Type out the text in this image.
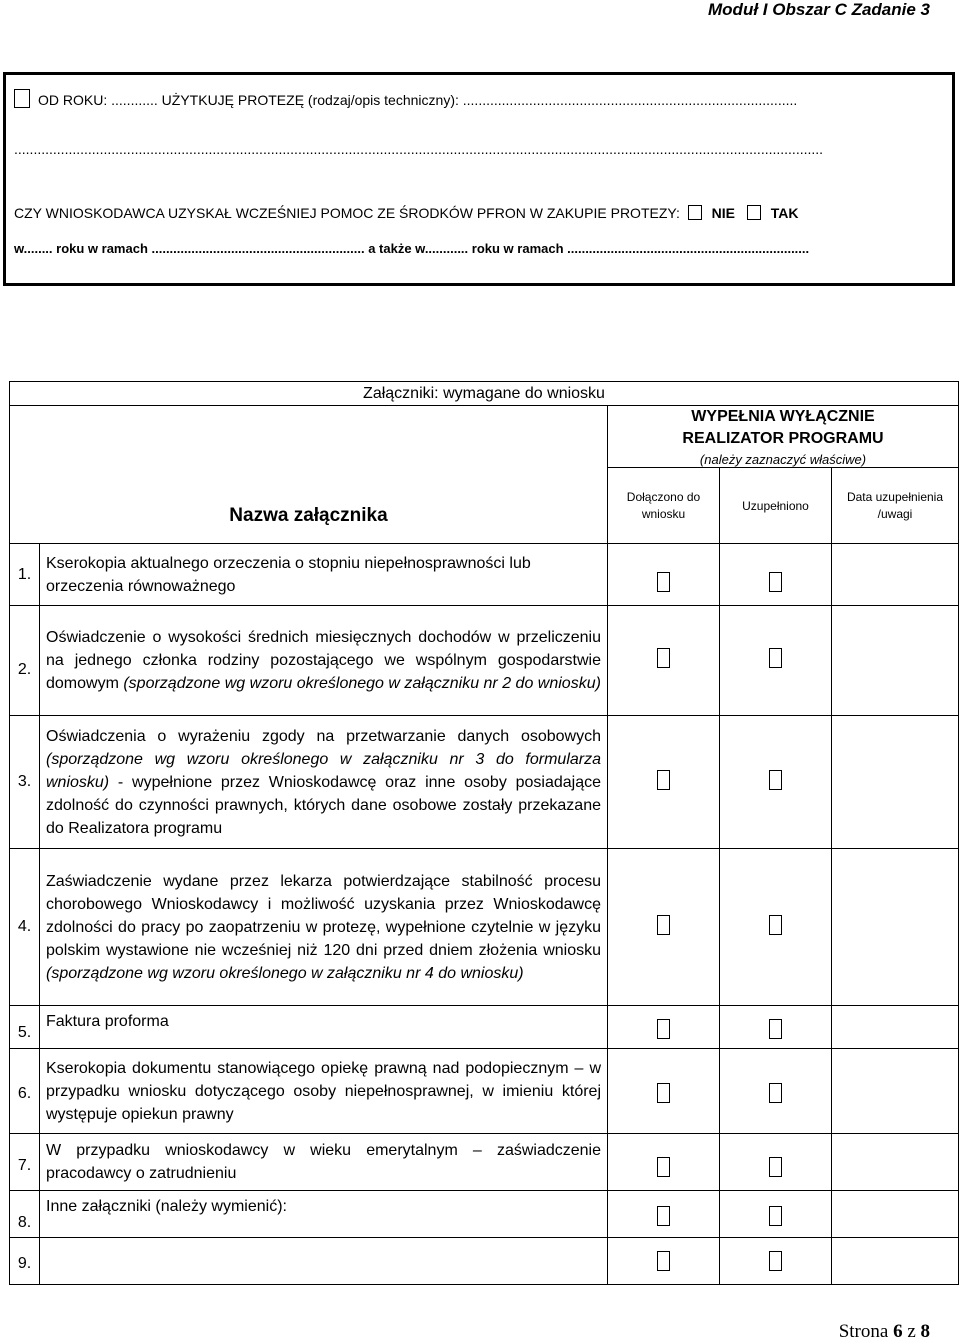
Moduł I Obszar C Zadanie 3
OD ROKU: ............ UŻYTKUJĘ PROTEZĘ (rodzaj/opis techniczny): ......................................................................................
................................................................................................................................................................................................................
CZY WNIOSKODAWCA UZYSKAŁ WCZEŚNIEJ POMOC ZE ŚRODKÓW PFRON W ZAKUPIE PROTEZY: NIE	TAK
w........ roku w ramach ........................................................... a także w............ roku w ramach ...................................................................
Załączniki: wymagane do wniosku				

Nazwa załącznika		WYPEŁNIA WYŁĄCZNIE REALIZATOR PROGRAMU
(należy zaznaczyć właściwe)		

		Dołączono do wniosku	Uzupełniono	Data uzupełnienia /uwagi
1.	Kserokopia aktualnego orzeczenia o stopniu niepełnosprawności lub orzeczenia równoważnego			
2.	Oświadczenie o wysokości średnich miesięcznych dochodów w przeliczeniu na jednego członka rodziny pozostającego we wspólnym gospodarstwie domowym (sporządzone wg wzoru określonego w załączniku nr 2 do wniosku)			
3.	Oświadczenia o wyrażeniu zgody na przetwarzanie danych osobowych (sporządzone wg wzoru określonego w załączniku nr 3 do formularza wniosku) - wypełnione przez Wnioskodawcę oraz inne osoby posiadające zdolność do czynności prawnych, których dane osobowe zostały przekazane do Realizatora programu			
4.	Zaświadczenie wydane przez lekarza potwierdzające stabilność procesu chorobowego Wnioskodawcy i możliwość uzyskania przez Wnioskodawcę zdolności do pracy po zaopatrzeniu w protezę, wypełnione czytelnie w języku polskim wystawione nie wcześniej niż 120 dni przed dniem złożenia wniosku (sporządzone wg wzoru określonego w załączniku nr 4 do wniosku)			
5.	Faktura proforma			
6.	Kserokopia dokumentu stanowiącego opiekę prawną nad podopiecznym – w przypadku wniosku dotyczącego osoby niepełnosprawnej, w imieniu której występuje opiekun prawny			
7.	W przypadku wnioskodawcy w wieku emerytalnym – zaświadczenie pracodawcy o zatrudnieniu			
8.	Inne załączniki (należy wymienić):			
9.				
Strona 6 z 8
